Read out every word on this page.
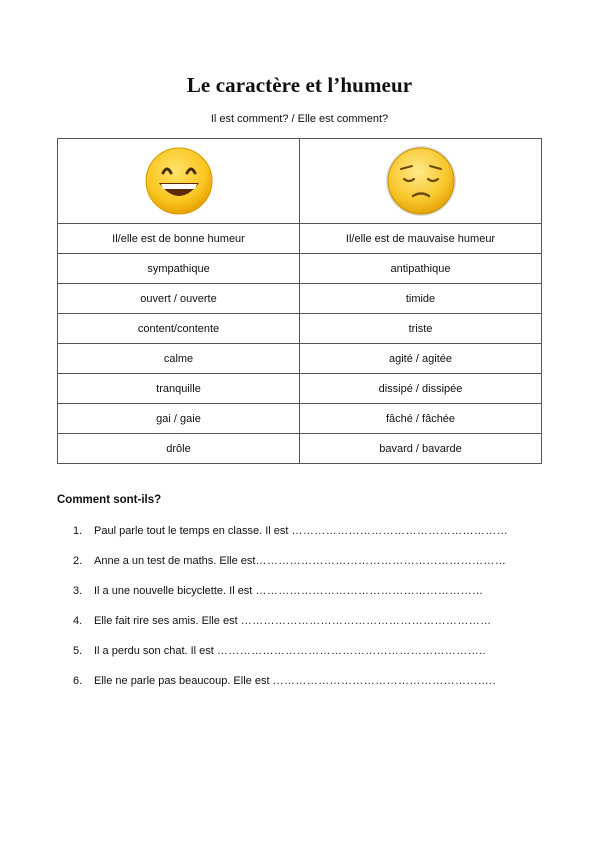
Le caractère et l’humeur
Il est comment? / Elle est comment?

Il/elle est de bonne humeur	Il/elle est de mauvaise humeur
sympathique	antipathique
ouvert / ouverte	timide
content/contente	triste
calme	agité / agitée
tranquille	dissipé / dissipée
gai / gaie	fâché / fâchée
drôle	bavard / bavarde
Comment sont-ils?
1. Paul parle tout le temps en classe. Il est …………………………………………………
2. Anne a un test de maths. Elle est…………………………………………………………
3. Il a une nouvelle bicyclette. Il est ……………………………………………………
4. Elle fait rire ses amis. Elle est …………………………………………………………
5. Il a perdu son chat. Il est ……………………………………………………………..
6. Elle ne parle pas beaucoup. Elle est …………………………………………………..
